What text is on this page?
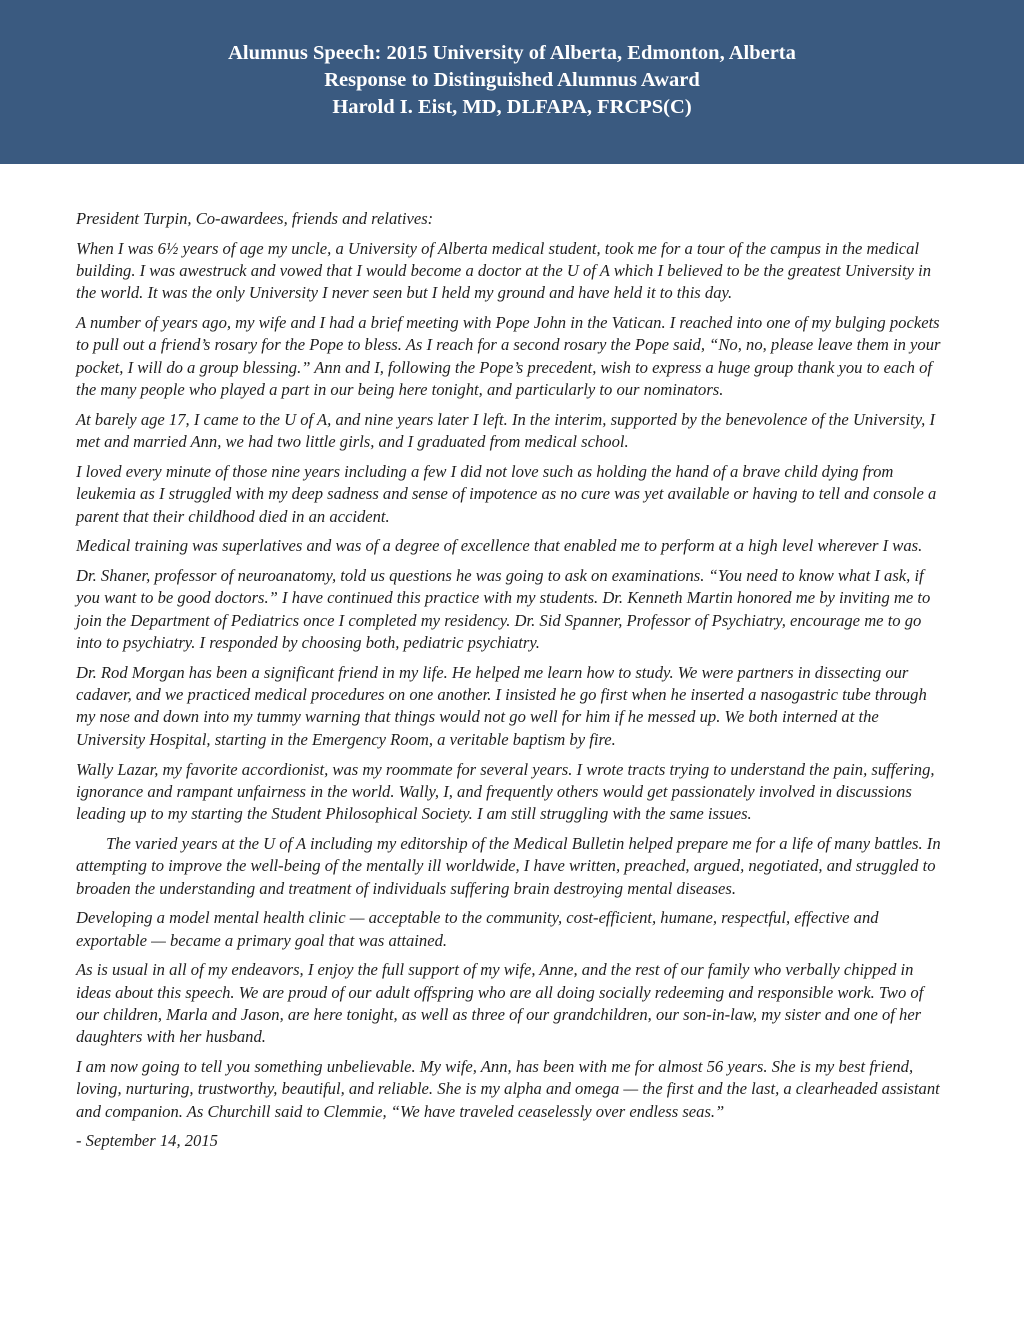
Alumnus Speech: 2015 University of Alberta, Edmonton, Alberta
Response to Distinguished Alumnus Award
Harold I. Eist, MD, DLFAPA, FRCPS(C)

President Turpin, Co-awardees, friends and relatives:

When I was 6½ years of age my uncle, a University of Alberta medical student, took me for a tour of the campus in the medical building. I was awestruck and vowed that I would become a doctor at the U of A which I believed to be the greatest University in the world. It was the only University I never seen but I held my ground and have held it to this day.

A number of years ago, my wife and I had a brief meeting with Pope John in the Vatican. I reached into one of my bulging pockets to pull out a friend’s rosary for the Pope to bless. As I reach for a second rosary the Pope said, “No, no, please leave them in your pocket, I will do a group blessing.” Ann and I, following the Pope’s precedent, wish to express a huge group thank you to each of the many people who played a part in our being here tonight, and particularly to our nominators.

At barely age 17, I came to the U of A, and nine years later I left. In the interim, supported by the benevolence of the University, I met and married Ann, we had two little girls, and I graduated from medical school.

I loved every minute of those nine years including a few I did not love such as holding the hand of a brave child dying from leukemia as I struggled with my deep sadness and sense of impotence as no cure was yet available or having to tell and console a parent that their childhood died in an accident.

Medical training was superlatives and was of a degree of excellence that enabled me to perform at a high level wherever I was.

Dr. Shaner, professor of neuroanatomy, told us questions he was going to ask on examinations. “You need to know what I ask, if you want to be good doctors.” I have continued this practice with my students. Dr. Kenneth Martin honored me by inviting me to join the Department of Pediatrics once I completed my residency. Dr. Sid Spanner, Professor of Psychiatry, encourage me to go into to psychiatry. I responded by choosing both, pediatric psychiatry.

Dr. Rod Morgan has been a significant friend in my life. He helped me learn how to study. We were partners in dissecting our cadaver, and we practiced medical procedures on one another. I insisted he go first when he inserted a nasogastric tube through my nose and down into my tummy warning that things would not go well for him if he messed up. We both interned at the University Hospital, starting in the Emergency Room, a veritable baptism by fire.

Wally Lazar, my favorite accordionist, was my roommate for several years. I wrote tracts trying to understand the pain, suffering, ignorance and rampant unfairness in the world. Wally, I, and frequently others would get passionately involved in discussions leading up to my starting the Student Philosophical Society. I am still struggling with the same issues.

The varied years at the U of A including my editorship of the Medical Bulletin helped prepare me for a life of many battles. In attempting to improve the well-being of the mentally ill worldwide, I have written, preached, argued, negotiated, and struggled to broaden the understanding and treatment of individuals suffering brain destroying mental diseases.

Developing a model mental health clinic — acceptable to the community, cost-efficient, humane, respectful, effective and exportable — became a primary goal that was attained.

As is usual in all of my endeavors, I enjoy the full support of my wife, Anne, and the rest of our family who verbally chipped in ideas about this speech. We are proud of our adult offspring who are all doing socially redeeming and responsible work. Two of our children, Marla and Jason, are here tonight, as well as three of our grandchildren, our son-in-law, my sister and one of her daughters with her husband.

I am now going to tell you something unbelievable. My wife, Ann, has been with me for almost 56 years. She is my best friend, loving, nurturing, trustworthy, beautiful, and reliable. She is my alpha and omega — the first and the last, a clearheaded assistant and companion. As Churchill said to Clemmie, “We have traveled ceaselessly over endless seas.”

- September 14, 2015
